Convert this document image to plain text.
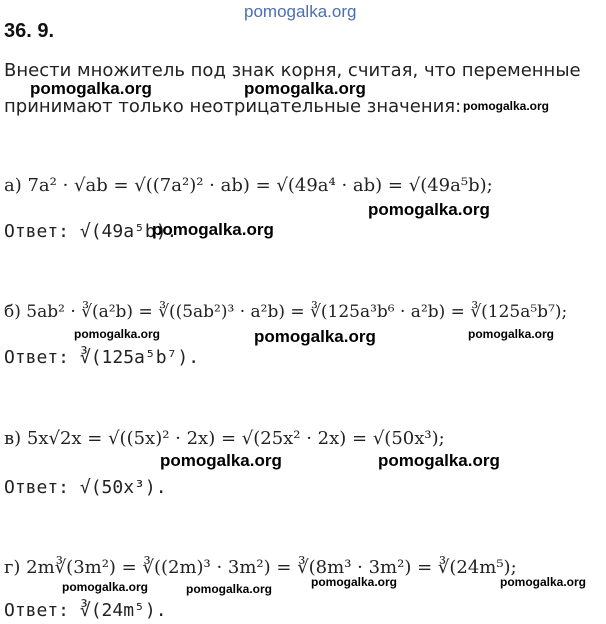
pomogalka.org
36. 9.
Внести множитель под знак корня, считая, что переменные
pomogalka.org	pomogalka.org
принимают только неотрицательные значения: pomogalka.org
а) 7a² · √ab = √((7a²)² · ab) = √(49a⁴ · ab) = √(49a⁵b);
pomogalka.org
Ответ: √(49a⁵b).
pomogalka.org
б) 5ab² · ∛(a²b) = ∛((5ab²)³ · a²b) = ∛(125a³b⁶ · a²b) = ∛(125a⁵b⁷);
pomogalka.org	pomogalka.org	pomogalka.org
Ответ: ∛(125a⁵b⁷).
в) 5x√2x = √((5x)² · 2x) = √(25x² · 2x) = √(50x³);
pomogalka.org	pomogalka.org
Ответ: √(50x³).
г) 2m∛(3m²) = ∛((2m)³ · 3m²) = ∛(8m³ · 3m²) = ∛(24m⁵);
pomogalka.org	pomogalka.org	pomogalka.org	pomogalka.org
Ответ: ∛(24m⁵).
